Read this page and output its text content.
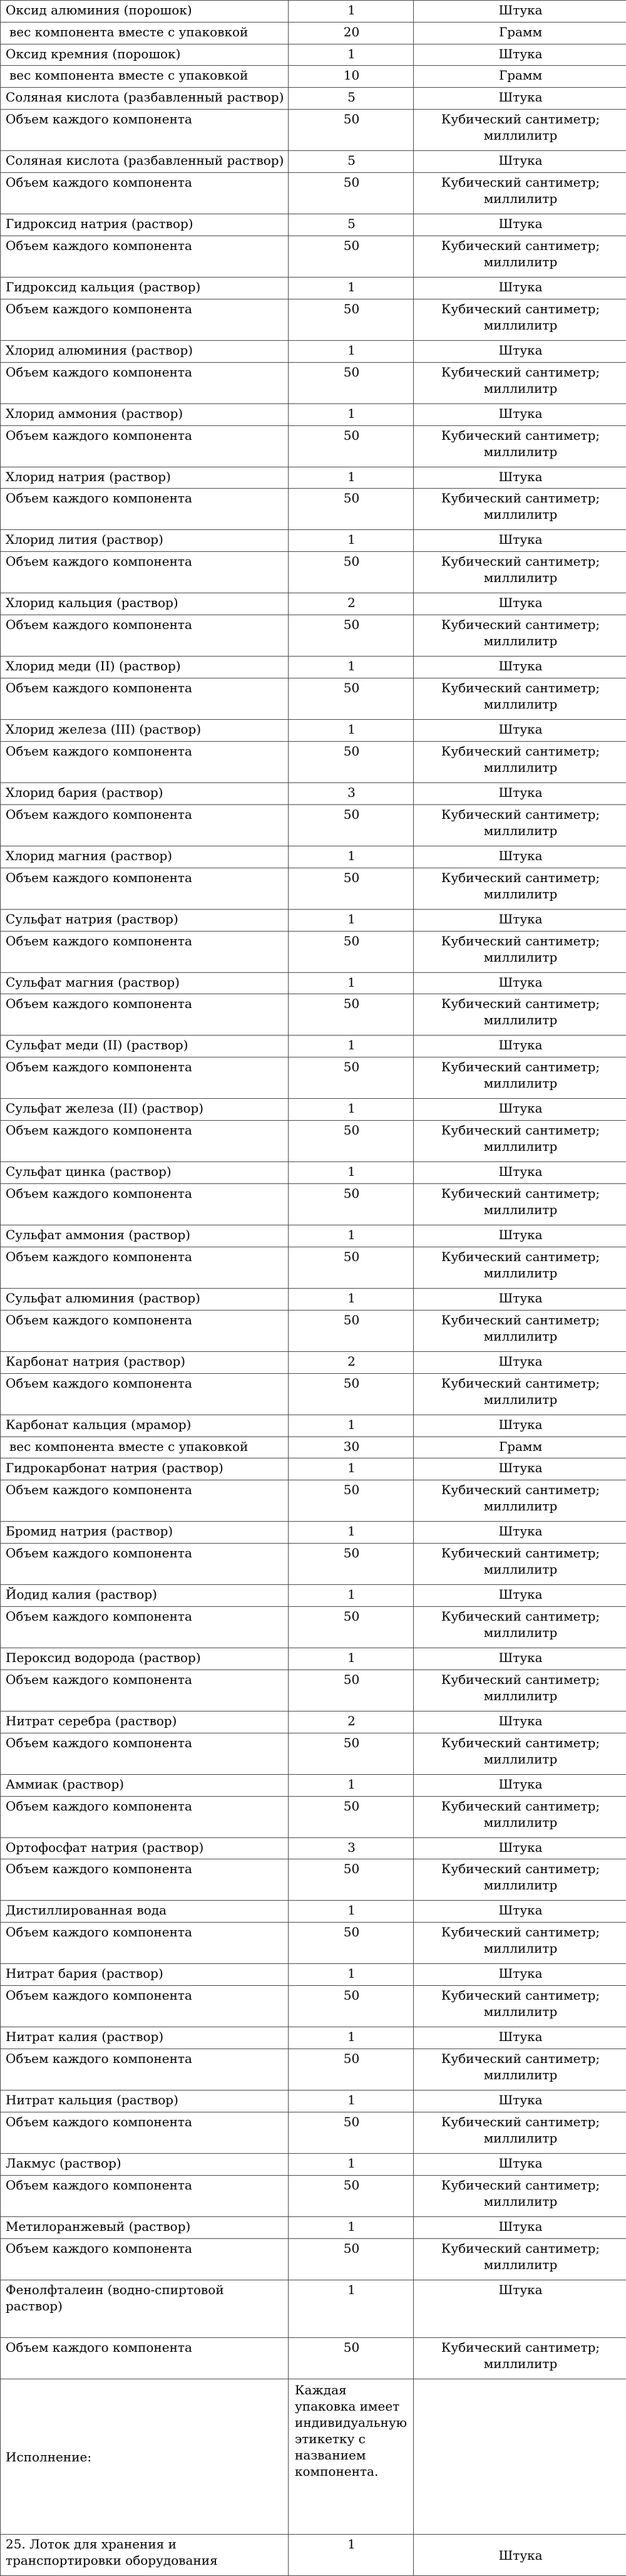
Оксид алюминия (порошок)	1		Штука
вес компонента вместе с упаковкой	20		Грамм
Оксид кремния (порошок)	1		Штука
вес компонента вместе с упаковкой	10		Грамм
Соляная кислота (разбавленный раствор)	5		Штука
Объем каждого компонента	50		Кубический сантиметр; миллилитр
Соляная кислота (разбавленный раствор)	5		Штука
Объем каждого компонента	50		Кубический сантиметр; миллилитр
Гидроксид натрия (раствор)	5		Штука
Объем каждого компонента	50		Кубический сантиметр; миллилитр
Гидроксид кальция (раствор)	1		Штука
Объем каждого компонента	50		Кубический сантиметр; миллилитр
Хлорид алюминия (раствор)	1		Штука
Объем каждого компонента	50		Кубический сантиметр; миллилитр
Хлорид аммония (раствор)	1		Штука
Объем каждого компонента	50		Кубический сантиметр; миллилитр
Хлорид натрия (раствор)	1		Штука
Объем каждого компонента	50		Кубический сантиметр; миллилитр
Хлорид лития (раствор)	1		Штука
Объем каждого компонента	50		Кубический сантиметр; миллилитр
Хлорид кальция (раствор)	2		Штука
Объем каждого компонента	50		Кубический сантиметр; миллилитр
Хлорид меди (II) (раствор)	1		Штука
Объем каждого компонента	50		Кубический сантиметр; миллилитр
Хлорид железа (III) (раствор)	1		Штука
Объем каждого компонента	50		Кубический сантиметр; миллилитр
Хлорид бария (раствор)	3		Штука
Объем каждого компонента	50		Кубический сантиметр; миллилитр
Хлорид магния (раствор)	1		Штука
Объем каждого компонента	50		Кубический сантиметр; миллилитр
Сульфат натрия (раствор)	1		Штука
Объем каждого компонента	50		Кубический сантиметр; миллилитр
Сульфат магния (раствор)	1		Штука
Объем каждого компонента	50		Кубический сантиметр; миллилитр
Сульфат меди (II) (раствор)	1		Штука
Объем каждого компонента	50		Кубический сантиметр; миллилитр
Сульфат железа (II) (раствор)	1		Штука
Объем каждого компонента	50		Кубический сантиметр; миллилитр
Сульфат цинка (раствор)	1		Штука
Объем каждого компонента	50		Кубический сантиметр; миллилитр
Сульфат аммония (раствор)	1		Штука
Объем каждого компонента	50		Кубический сантиметр; миллилитр
Сульфат алюминия (раствор)	1		Штука
Объем каждого компонента	50		Кубический сантиметр; миллилитр
Карбонат натрия (раствор)	2		Штука
Объем каждого компонента	50		Кубический сантиметр; миллилитр
Карбонат кальция (мрамор)	1		Штука
вес компонента вместе с упаковкой	30		Грамм
Гидрокарбонат натрия (раствор)	1		Штука
Объем каждого компонента	50		Кубический сантиметр; миллилитр
Бромид натрия (раствор)	1		Штука
Объем каждого компонента	50		Кубический сантиметр; миллилитр
Йодид калия (раствор)	1		Штука
Объем каждого компонента	50		Кубический сантиметр; миллилитр
Пероксид водорода (раствор)	1		Штука
Объем каждого компонента	50		Кубический сантиметр; миллилитр
Нитрат серебра (раствор)	2		Штука
Объем каждого компонента	50		Кубический сантиметр; миллилитр
Аммиак (раствор)	1		Штука
Объем каждого компонента	50		Кубический сантиметр; миллилитр
Ортофосфат натрия (раствор)	3		Штука
Объем каждого компонента	50		Кубический сантиметр; миллилитр
Дистиллированная вода	1		Штука
Объем каждого компонента	50		Кубический сантиметр; миллилитр
Нитрат бария (раствор)	1		Штука
Объем каждого компонента	50		Кубический сантиметр; миллилитр
Нитрат калия (раствор)	1		Штука
Объем каждого компонента	50		Кубический сантиметр; миллилитр
Нитрат кальция (раствор)	1		Штука
Объем каждого компонента	50		Кубический сантиметр; миллилитр
Лакмус (раствор)	1		Штука
Объем каждого компонента	50		Кубический сантиметр; миллилитр
Метилоранжевый (раствор)	1		Штука
Объем каждого компонента	50		Кубический сантиметр; миллилитр
Фенолфталеин (водно-спиртовой раствор)	1		Штука
Объем каждого компонента	50		Кубический сантиметр; миллилитр
Исполнение:	Каждая упаковка имеет индивидуальную этикетку с названием компонента.		
25. Лоток для хранения и транспортировки оборудования	1		Штука
